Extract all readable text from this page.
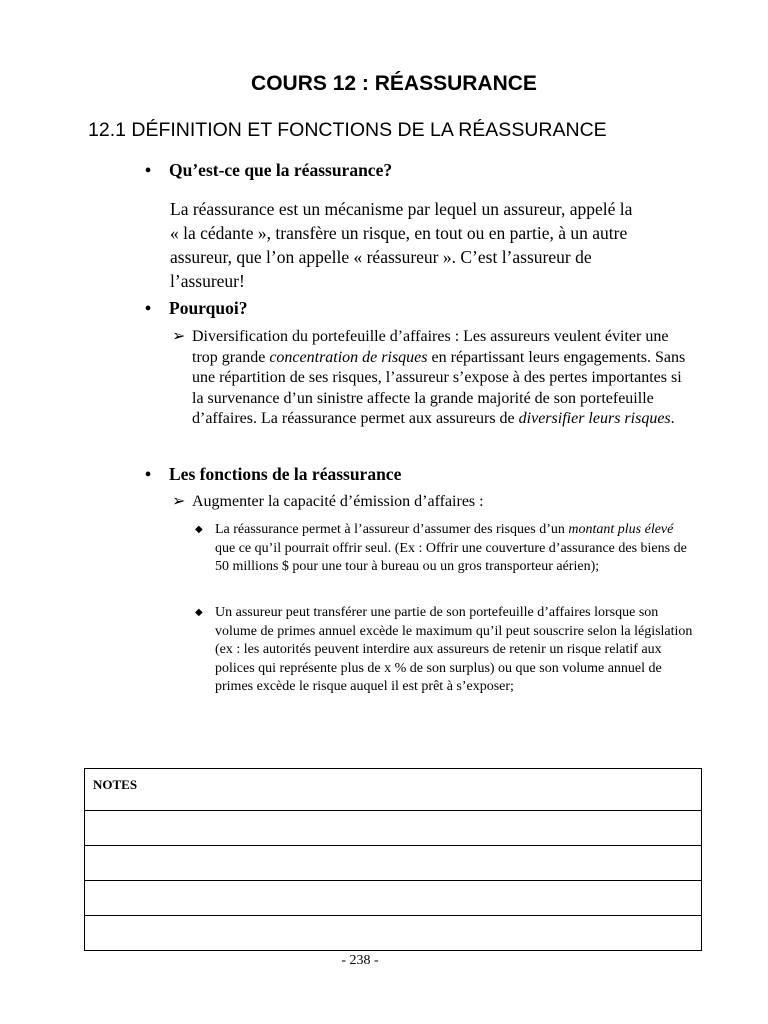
COURS 12 : RÉASSURANCE
12.1 DÉFINITION ET FONCTIONS DE LA RÉASSURANCE
• Qu’est-ce que la réassurance?
La réassurance est un mécanisme par lequel un assureur, appelé la
« la cédante », transfère un risque, en tout ou en partie, à un autre
assureur, que l’on appelle « réassureur ». C’est l’assureur de
l’assureur!
• Pourquoi?
➢ Diversification du portefeuille d’affaires : Les assureurs veulent éviter une trop grande concentration de risques en répartissant leurs engagements. Sans une répartition de ses risques, l’assureur s’expose à des pertes importantes si la survenance d’un sinistre affecte la grande majorité de son portefeuille d’affaires. La réassurance permet aux assureurs de diversifier leurs risques.
• Les fonctions de la réassurance
➢ Augmenter la capacité d’émission d’affaires :
◆ La réassurance permet à l’assureur d’assumer des risques d’un montant plus élevé que ce qu’il pourrait offrir seul. (Ex : Offrir une couverture d’assurance des biens de 50 millions $ pour une tour à bureau ou un gros transporteur aérien);
◆ Un assureur peut transférer une partie de son portefeuille d’affaires lorsque son volume de primes annuel excède le maximum qu’il peut souscrire selon la législation (ex : les autorités peuvent interdire aux assureurs de retenir un risque relatif aux polices qui représente plus de x % de son surplus) ou que son volume annuel de primes excède le risque auquel il est prêt à s’exposer;
NOTES

- 238 -
